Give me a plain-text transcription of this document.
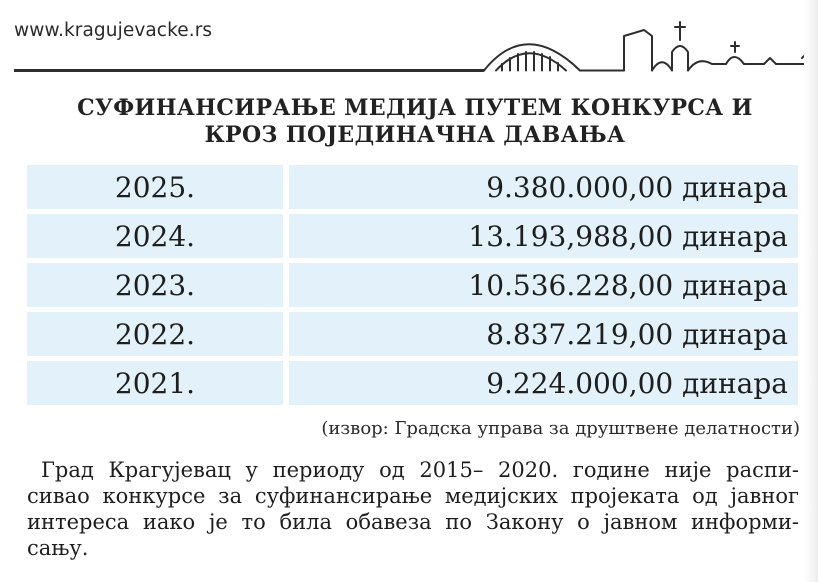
www.kragujevacke.rs
СУФИНАНСИРАЊЕ МЕДИЈА ПУТЕМ КОНКУРСА И
КРОЗ ПОЈЕДИНАЧНА ДАВАЊА
2025.	9.380.000,00 динара
2024.	13.193,988,00 динара
2023.	10.536.228,00 динара
2022.	8.837.219,00 динара
2021.	9.224.000,00 динара
(извор: Градска управа за друштвене делатности)
Град Крагујевац у периоду од 2015– 2020. године није распи-
сивао конкурсе за суфинансирање медијских пројеката од јавног
интереса иако је то била обавеза по Закону о јавном информи-
сању.
